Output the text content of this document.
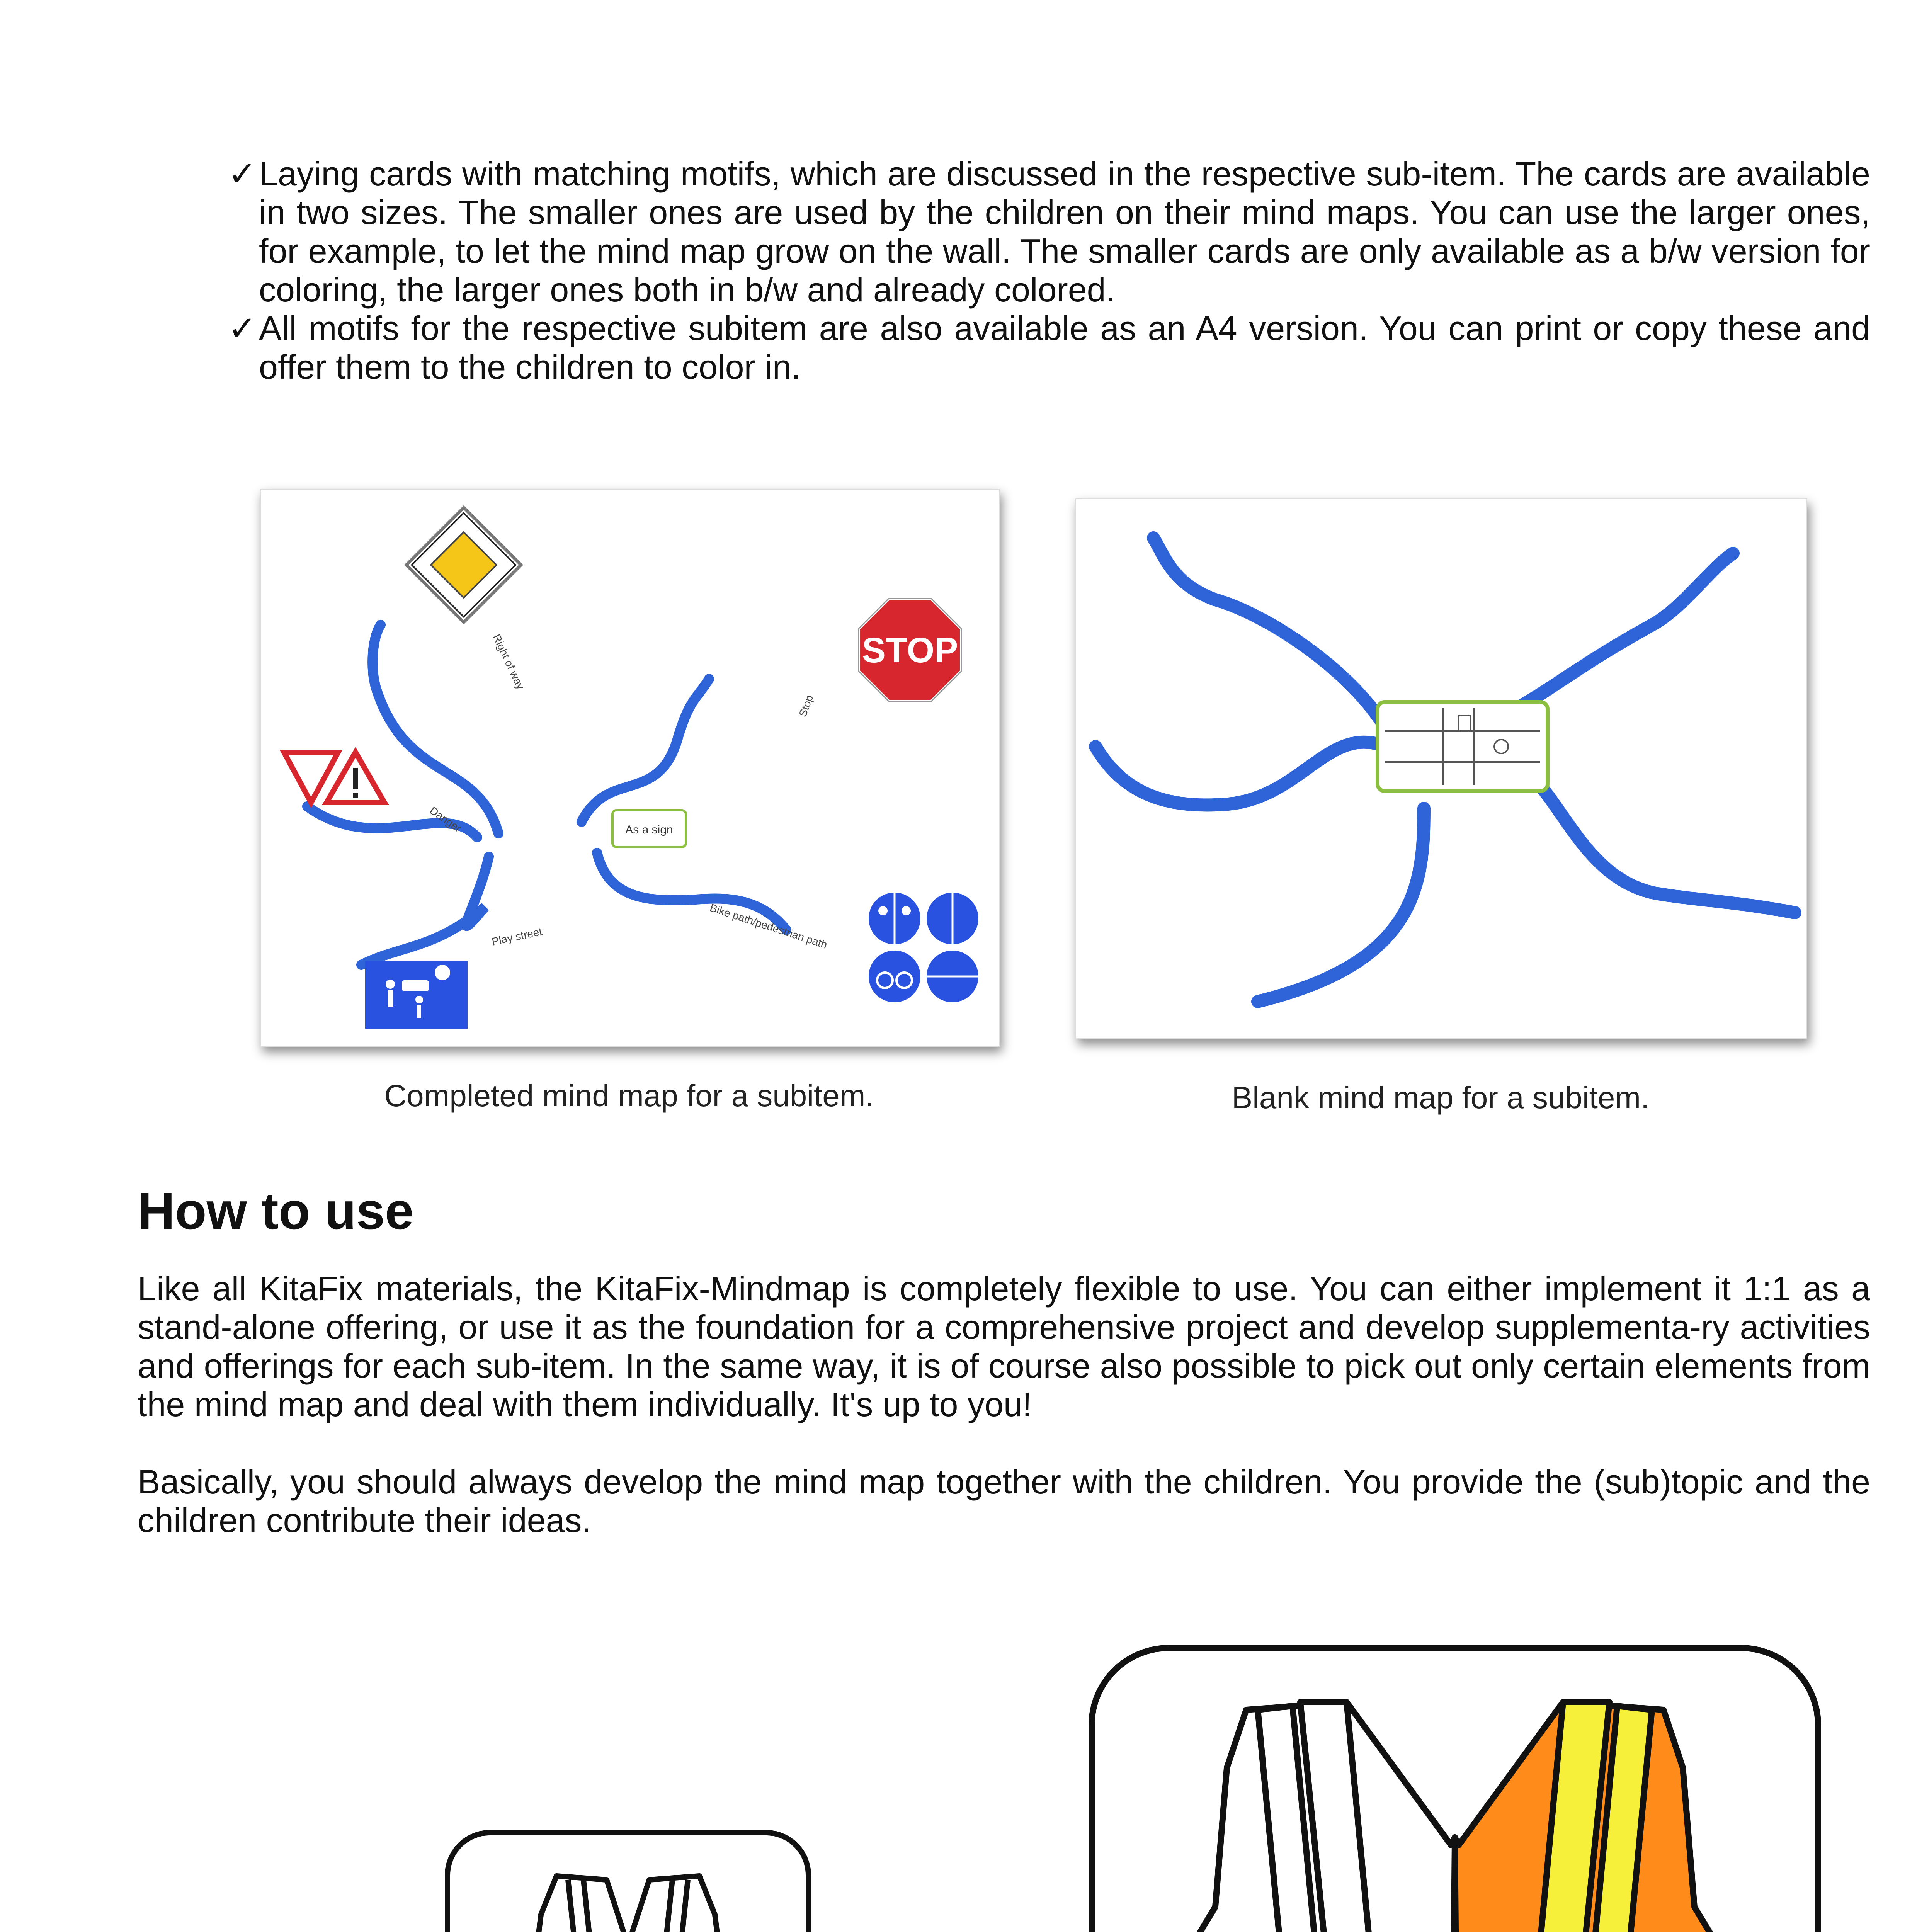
✓ Laying cards with matching motifs, which are discussed in the respective sub-item. The cards are available in two sizes. The smaller ones are used by the children on their mind maps. You can use the larger ones, for example, to let the mind map grow on the wall. The smaller cards are only available as a b/w version for coloring, the larger ones both in b/w and already colored.
✓ All motifs for the respective subitem are also available as an A4 version. You can print or copy these and offer them to the children to color in.
As a sign
Right of way
Stop
Danger
Play street	Bike path/pedestrian path
STOP
Completed mind map for a subitem.	Blank mind map for a subitem.
How to use
Like all KitaFix materials, the KitaFix-Mindmap is completely flexible to use. You can either implement it 1:1 as a stand-alone offering, or use it as the foundation for a comprehensive project and develop supplementa-ry activities and offerings for each sub-item. In the same way, it is of course also possible to pick out only certain elements from the mind map and deal with them individually. It's up to you!
Basically, you should always develop the mind map together with the children. You provide the (sub)topic and the children contribute their ideas.
